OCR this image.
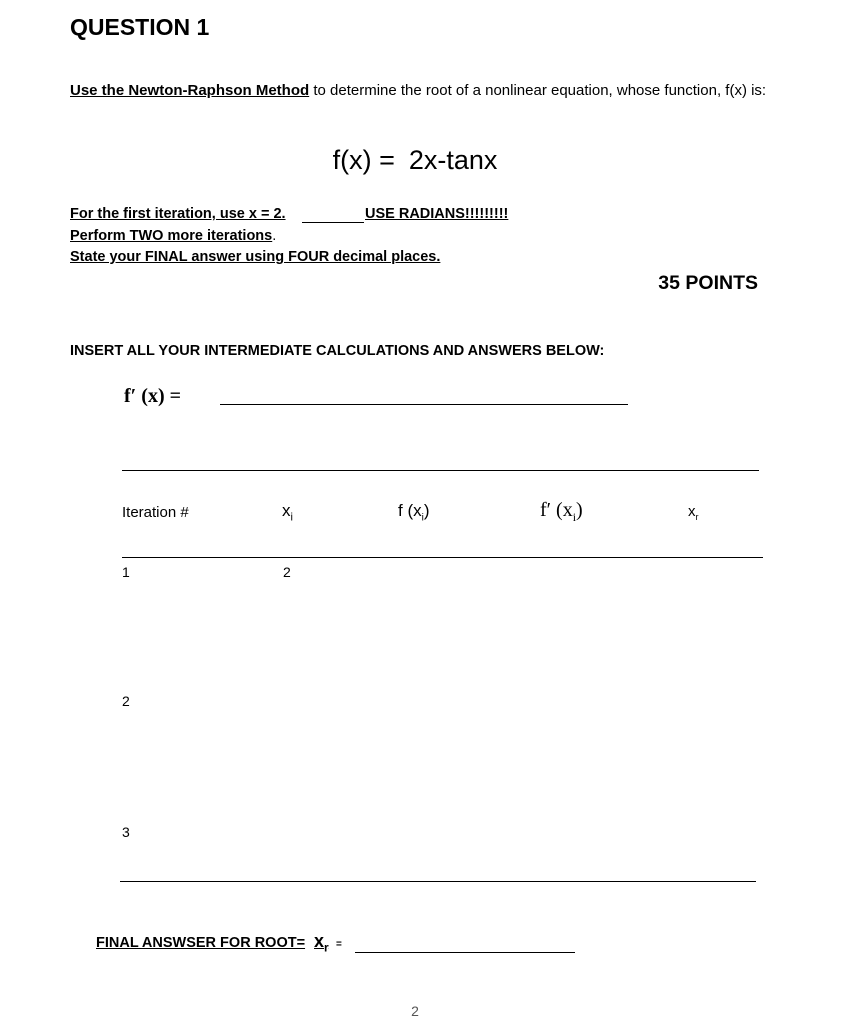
QUESTION 1
Use the Newton-Raphson Method to determine the root of a nonlinear equation, whose function, f(x) is:
f(x) = 2x-tanx
For the first iteration, use x = 2.	USE RADIANS!!!!!!!!!
Perform TWO more iterations.
State your FINAL answer using FOUR decimal places.
35 POINTS
INSERT ALL YOUR INTERMEDIATE CALCULATIONS AND ANSWERS BELOW:
f′ (x) =
Iteration #	$x_i$	f $(x_i)$	f′ $(x_i)$	$x_r$
1	2
2
3
FINAL ANSWSER FOR ROOT= $x_r$ =
2
